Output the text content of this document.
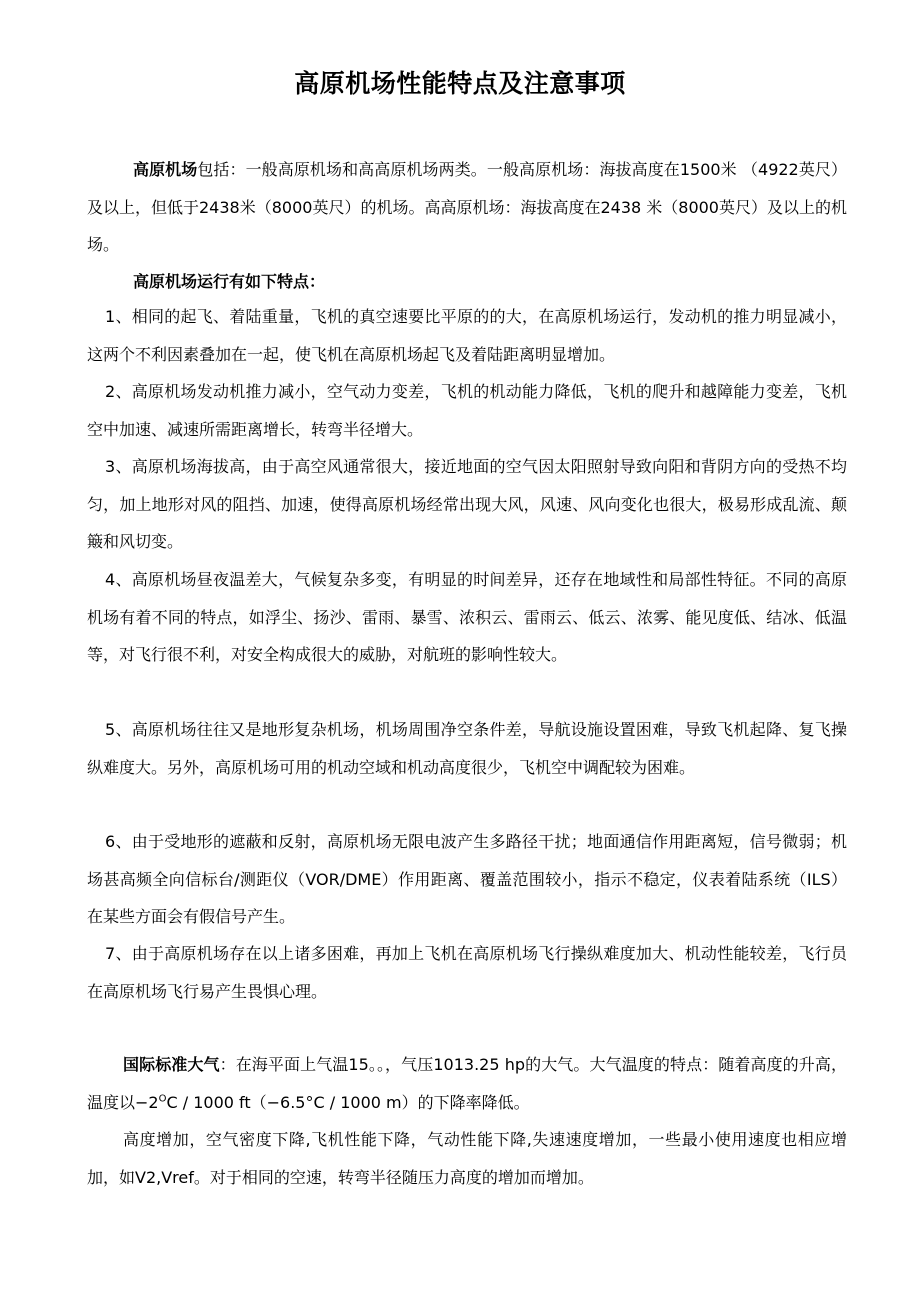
高原机场性能特点及注意事项
高原机场包括：一般高原机场和高高原机场两类。一般高原机场：海拔高度在1500米 （4922英尺）及以上，但低于2438米（8000英尺）的机场。高高原机场：海拔高度在2438 米（8000英尺）及以上的机场。
高原机场运行有如下特点：
1、相同的起飞、着陆重量，飞机的真空速要比平原的的大，在高原机场运行，发动机的推力明显减小，这两个不利因素叠加在一起，使飞机在高原机场起飞及着陆距离明显增加。
2、高原机场发动机推力减小，空气动力变差，飞机的机动能力降低，飞机的爬升和越障能力变差，飞机空中加速、减速所需距离增长，转弯半径增大。
3、高原机场海拔高，由于高空风通常很大，接近地面的空气因太阳照射导致向阳和背阴方向的受热不均匀，加上地形对风的阻挡、加速，使得高原机场经常出现大风，风速、风向变化也很大，极易形成乱流、颠簸和风切变。
4、高原机场昼夜温差大，气候复杂多变，有明显的时间差异，还存在地域性和局部性特征。不同的高原机场有着不同的特点，如浮尘、扬沙、雷雨、暴雪、浓积云、雷雨云、低云、浓雾、能见度低、结冰、低温等，对飞行很不利，对安全构成很大的威胁，对航班的影响性较大。
5、高原机场往往又是地形复杂机场，机场周围净空条件差，导航设施设置困难，导致飞机起降、复飞操纵难度大。另外，高原机场可用的机动空域和机动高度很少，飞机空中调配较为困难。
6、由于受地形的遮蔽和反射，高原机场无限电波产生多路径干扰；地面通信作用距离短，信号微弱；机场甚高频全向信标台/测距仪（VOR/DME）作用距离、覆盖范围较小，指示不稳定，仪表着陆系统（ILS）在某些方面会有假信号产生。
7、由于高原机场存在以上诸多困难，再加上飞机在高原机场飞行操纵难度加大、机动性能较差，飞行员在高原机场飞行易产生畏惧心理。
国际标准大气：在海平面上气温15。。，气压1013.25 hp的大气。大气温度的特点：随着高度的升高，温度以$-2^OC / 1000$ ft（−6.5°C / 1000 m）的下降率降低。
高度增加，空气密度下降,飞机性能下降，气动性能下降,失速速度增加，一些最小使用速度也相应增加，如V2,Vref。对于相同的空速，转弯半径随压力高度的增加而增加。
